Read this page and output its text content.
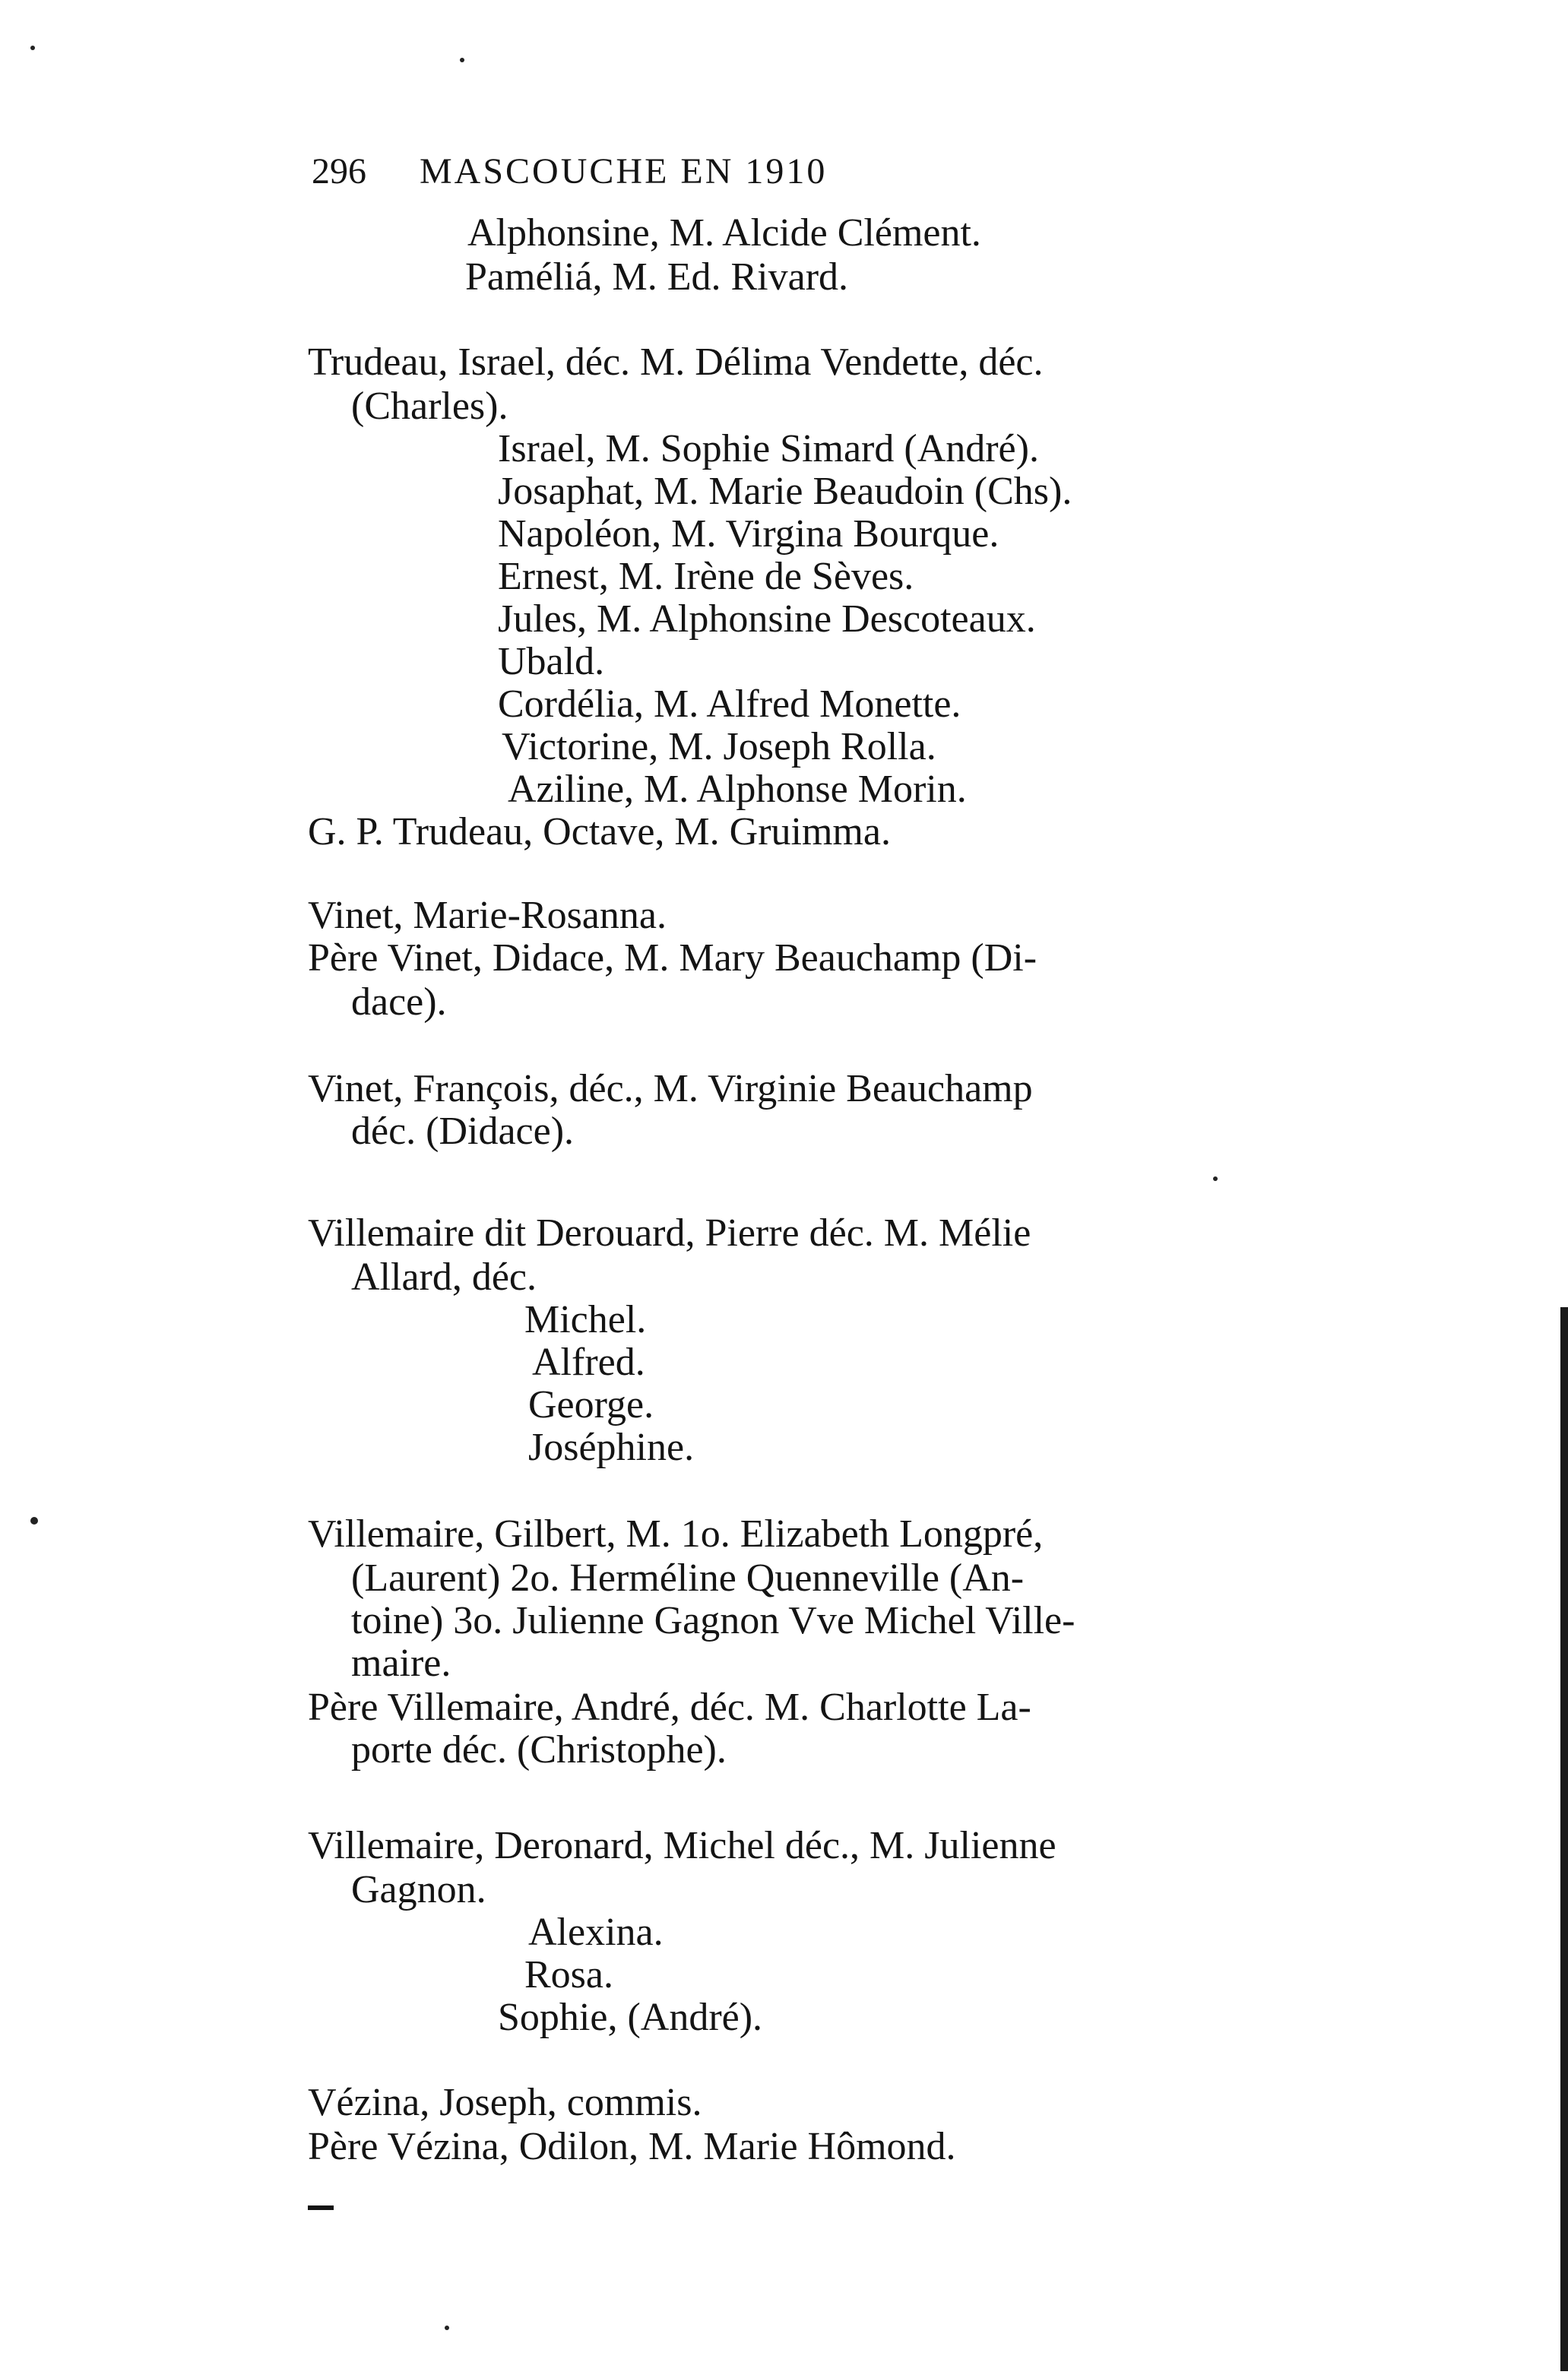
296 MASCOUCHE EN 1910
Alphonsine, M. Alcide Clément.
Paméliá, M. Ed. Rivard.
Trudeau, Israel, déc. M. Délima Vendette, déc.
(Charles).
Israel, M. Sophie Simard (André).
Josaphat, M. Marie Beaudoin (Chs).
Napoléon, M. Virgina Bourque.
Ernest, M. Irène de Sèves.
Jules, M. Alphonsine Descoteaux.
Ubald.
Cordélia, M. Alfred Monette.
Victorine, M. Joseph Rolla.
Aziline, M. Alphonse Morin.
G. P. Trudeau, Octave, M. Gruimma.
Vinet, Marie-Rosanna.
Père Vinet, Didace, M. Mary Beauchamp (Di-
dace).
Vinet, François, déc., M. Virginie Beauchamp
déc. (Didace).
Villemaire dit Derouard, Pierre déc. M. Mélie
Allard, déc.
Michel.
Alfred.
George.
Joséphine.
Villemaire, Gilbert, M. 1o. Elizabeth Longpré,
(Laurent) 2o. Herméline Quenneville (An-
toine) 3o. Julienne Gagnon Vve Michel Ville-
maire.
Père Villemaire, André, déc. M. Charlotte La-
porte déc. (Christophe).
Villemaire, Deronard, Michel déc., M. Julienne
Gagnon.
Alexina.
Rosa.
Sophie, (André).
Vézina, Joseph, commis.
Père Vézina, Odilon, M. Marie Hômond.
